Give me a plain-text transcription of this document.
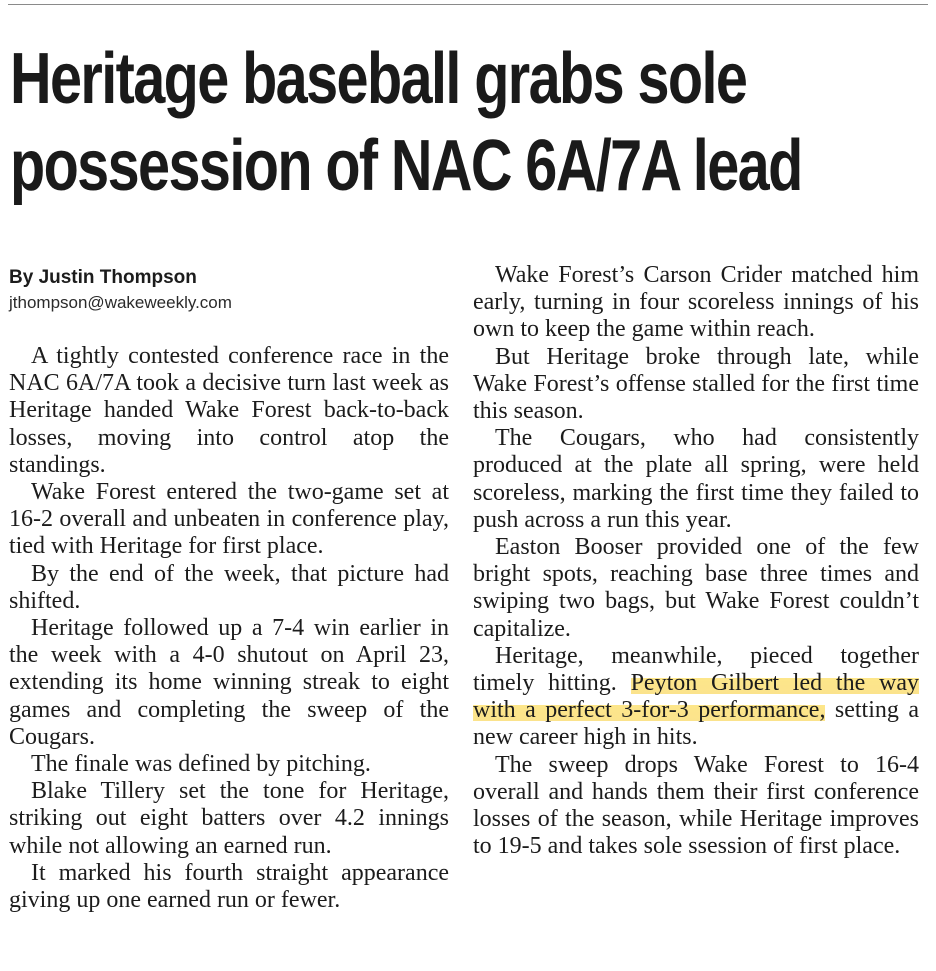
Heritage baseball grabs sole
possession of NAC 6A/7A lead
By Justin Thompson
jthompson@wakeweekly.com

A tightly contested conference race in the NAC 6A/7A took a decisive turn last week as Heritage handed Wake Forest back-to-back losses, moving into control atop the standings.

Wake Forest entered the two-game set at 16-2 overall and unbeaten in conference play, tied with Heritage for first place.

By the end of the week, that picture had shifted.

Heritage followed up a 7-4 win earlier in the week with a 4-0 shutout on April 23, extending its home winning streak to eight games and completing the sweep of the Cougars.

The finale was defined by pitching.

Blake Tillery set the tone for Heritage, striking out eight batters over 4.2 innings while not allowing an earned run.

It marked his fourth straight appearance giving up one earned run or fewer.

Wake Forest’s Carson Crider matched him early, turning in four scoreless innings of his own to keep the game within reach.

But Heritage broke through late, while Wake Forest’s offense stalled for the first time this season.

The Cougars, who had consistently produced at the plate all spring, were held scoreless, marking the first time they failed to push across a run this year.

Easton Booser provided one of the few bright spots, reaching base three times and swiping two bags, but Wake Forest couldn’t capitalize.

Heritage, meanwhile, pieced together timely hitting. Peyton Gilbert led the way with a perfect 3-for-3 performance, setting a new career high in hits.

The sweep drops Wake Forest to 16-4 overall and hands them their first conference losses of the season, while Heritage improves to 19-5 and takes sole ssession of first place.
